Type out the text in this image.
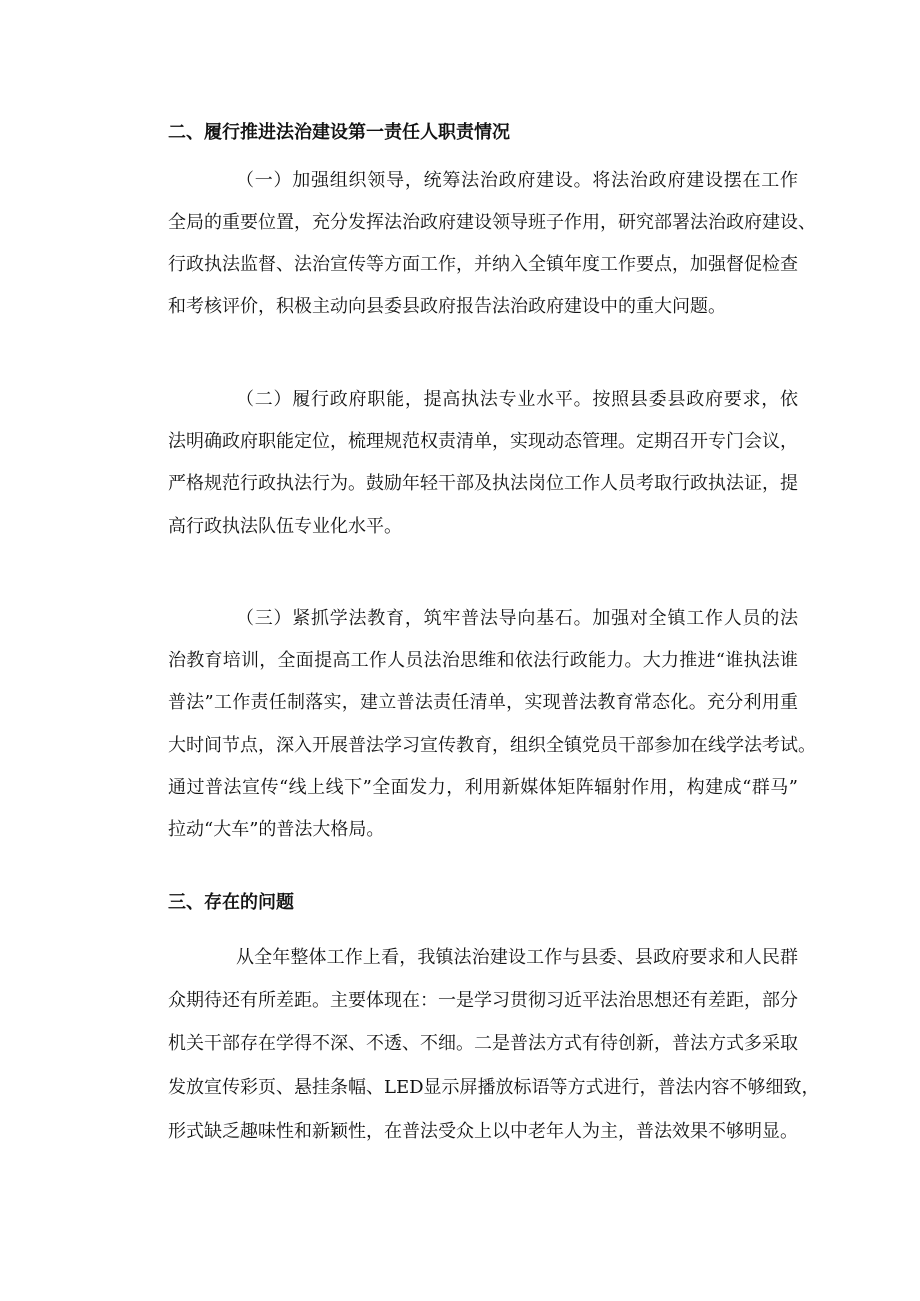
二、履行推进法治建设第一责任人职责情况
（一）加强组织领导，统筹法治政府建设。将法治政府建设摆在工作
全局的重要位置，充分发挥法治政府建设领导班子作用，研究部署法治政府建设、
行政执法监督、法治宣传等方面工作，并纳入全镇年度工作要点，加强督促检查
和考核评价，积极主动向县委县政府报告法治政府建设中的重大问题。
（二）履行政府职能，提高执法专业水平。按照县委县政府要求，依
法明确政府职能定位，梳理规范权责清单，实现动态管理。定期召开专门会议，
严格规范行政执法行为。鼓励年轻干部及执法岗位工作人员考取行政执法证，提
高行政执法队伍专业化水平。
（三）紧抓学法教育，筑牢普法导向基石。加强对全镇工作人员的法
治教育培训，全面提高工作人员法治思维和依法行政能力。大力推进“谁执法谁
普法”工作责任制落实，建立普法责任清单，实现普法教育常态化。充分利用重
大时间节点，深入开展普法学习宣传教育，组织全镇党员干部参加在线学法考试。
通过普法宣传“线上线下”全面发力，利用新媒体矩阵辐射作用，构建成“群马”
拉动“大车”的普法大格局。
三、存在的问题
从全年整体工作上看，我镇法治建设工作与县委、县政府要求和人民群
众期待还有所差距。主要体现在：一是学习贯彻习近平法治思想还有差距，部分
机关干部存在学得不深、不透、不细。二是普法方式有待创新，普法方式多采取
发放宣传彩页、悬挂条幅、LED显示屏播放标语等方式进行，普法内容不够细致，
形式缺乏趣味性和新颖性，在普法受众上以中老年人为主，普法效果不够明显。
